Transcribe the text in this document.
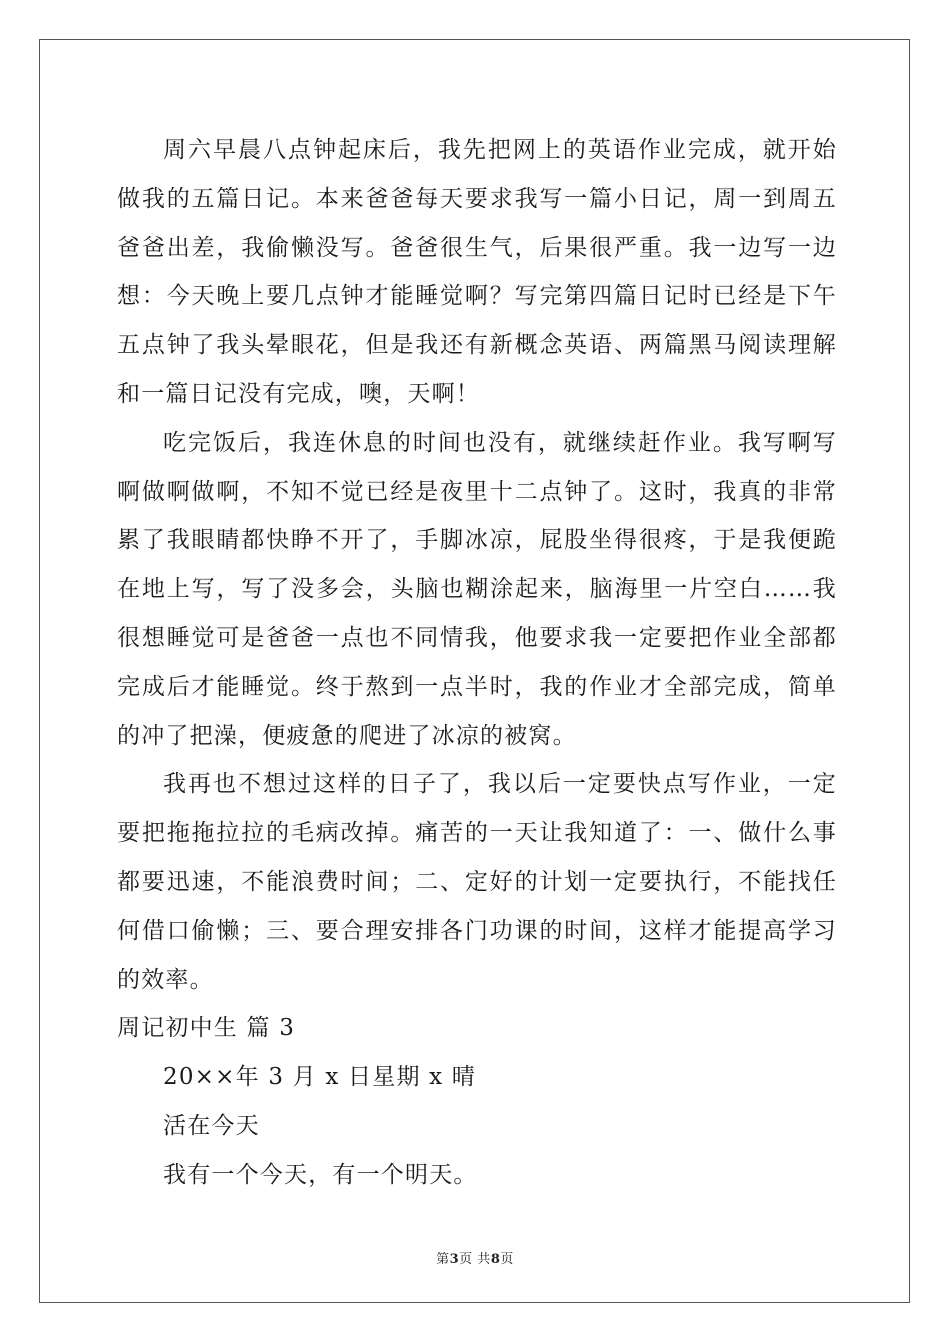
周六早晨八点钟起床后，我先把网上的英语作业完成，就开始做我的五篇日记。本来爸爸每天要求我写一篇小日记，周一到周五爸爸出差，我偷懒没写。爸爸很生气，后果很严重。我一边写一边想：今天晚上要几点钟才能睡觉啊？写完第四篇日记时已经是下午五点钟了我头晕眼花，但是我还有新概念英语、两篇黑马阅读理解和一篇日记没有完成，噢，天啊！

吃完饭后，我连休息的时间也没有，就继续赶作业。我写啊写啊做啊做啊，不知不觉已经是夜里十二点钟了。这时，我真的非常累了我眼睛都快睁不开了，手脚冰凉，屁股坐得很疼，于是我便跪在地上写，写了没多会，头脑也糊涂起来，脑海里一片空白……我很想睡觉可是爸爸一点也不同情我，他要求我一定要把作业全部都完成后才能睡觉。终于熬到一点半时，我的作业才全部完成，简单的冲了把澡，便疲惫的爬进了冰凉的被窝。

我再也不想过这样的日子了，我以后一定要快点写作业，一定要把拖拖拉拉的毛病改掉。痛苦的一天让我知道了：一、做什么事都要迅速，不能浪费时间；二、定好的计划一定要执行，不能找任何借口偷懒；三、要合理安排各门功课的时间，这样才能提高学习的效率。

周记初中生 篇 3

20××年 3 月 x 日星期 x 晴

活在今天

我有一个今天，有一个明天。

第3页 共8页
